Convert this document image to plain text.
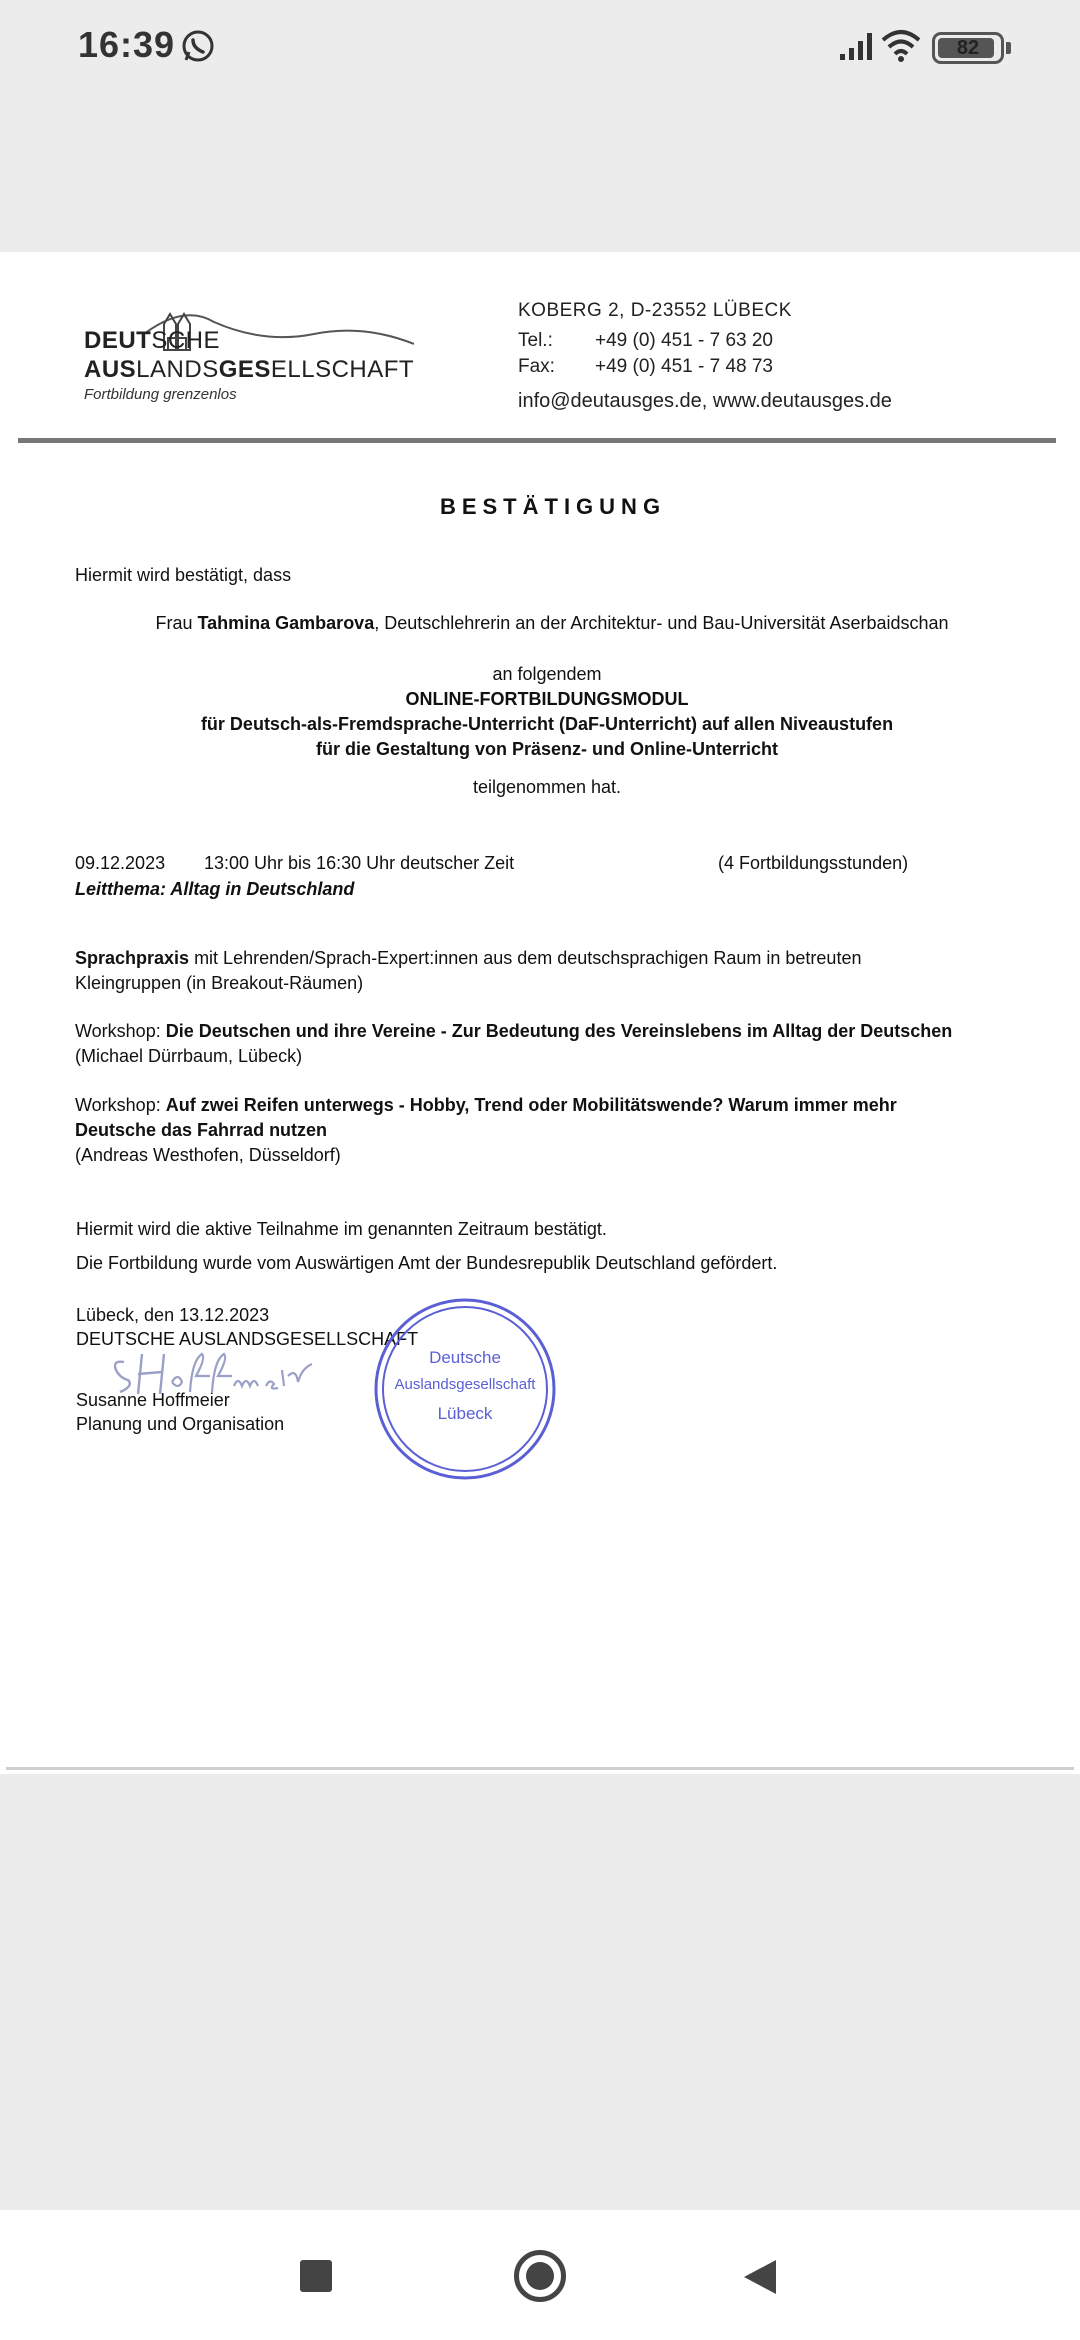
16:39	82
DEUTSCHE
AUSLANDSGESELLSCHAFT
Fortbildung grenzenlos
KOBERG 2, D-23552 LÜBECK
Tel.:	+49 (0) 451 - 7 63 20
Fax:	+49 (0) 451 - 7 48 73
info@deutausges.de, www.deutausges.de
BESTÄTIGUNG
Hiermit wird bestätigt, dass
Frau Tahmina Gambarova, Deutschlehrerin an der Architektur- und Bau-Universität Aserbaidschan
an folgendem
ONLINE-FORTBILDUNGSMODUL
für Deutsch-als-Fremdsprache-Unterricht (DaF-Unterricht) auf allen Niveaustufen
für die Gestaltung von Präsenz- und Online-Unterricht
teilgenommen hat.
09.12.2023 13:00 Uhr bis 16:30 Uhr deutscher Zeit	(4 Fortbildungsstunden)
Leitthema: Alltag in Deutschland
Sprachpraxis mit Lehrenden/Sprach-Expert:innen aus dem deutschsprachigen Raum in betreuten
Kleingruppen (in Breakout-Räumen)
Workshop: Die Deutschen und ihre Vereine - Zur Bedeutung des Vereinslebens im Alltag der Deutschen
(Michael Dürrbaum, Lübeck)
Workshop: Auf zwei Reifen unterwegs - Hobby, Trend oder Mobilitätswende? Warum immer mehr
Deutsche das Fahrrad nutzen
(Andreas Westhofen, Düsseldorf)
Hiermit wird die aktive Teilnahme im genannten Zeitraum bestätigt.
Die Fortbildung wurde vom Auswärtigen Amt der Bundesrepublik Deutschland gefördert.
Lübeck, den 13.12.2023
DEUTSCHE AUSLANDSGESELLSCHAFT
Susanne Hoffmeier
Planung und Organisation
Deutsche
Auslandsgesellschaft
Lübeck
